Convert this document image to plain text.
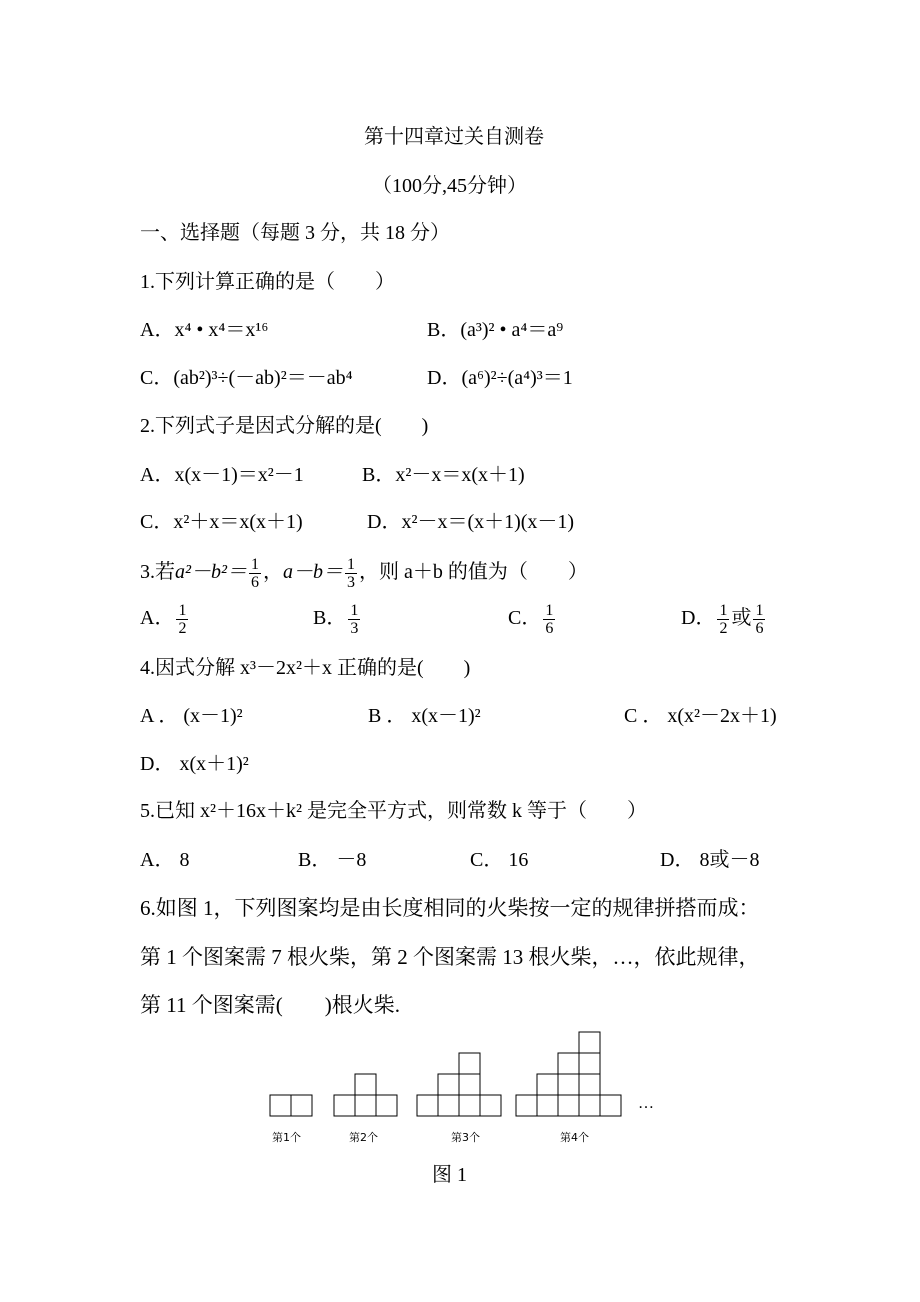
第十四章过关自测卷
（100分,45分钟）
一、选择题（每题 3 分，共 18 分）
1.下列计算正确的是（　　）
A．x⁴ • x⁴＝x¹⁶	B．(a³)² • a⁴＝a⁹
C．(ab²)³÷(－ab)²＝－ab⁴	D．(a⁶)²÷(a⁴)³＝1
2.下列式子是因式分解的是(　　)
A．x(x－1)＝x²－1	B．x²－x＝x(x＋1)
C．x²＋x＝x(x＋1)	D．x²－x＝(x＋1)(x－1)
3.若$a^2-b^2= \frac{1}{6}$ ，$a-b= \frac{1}{3}$ ，则 a＋b 的值为（　　）
A． $\frac{1}{2}$	B． $\frac{1}{3}$	C． $\frac{1}{6}$	D． $\frac{1}{2}$ 或 $\frac{1}{6}$
4.因式分解 x³－2x²＋x 正确的是(　　)
A ． (x－1)²	B ． x(x－1)²	C ． x(x²－2x＋1)
D． x(x＋1)²
5.已知 x²＋16x＋k² 是完全平方式，则常数 k 等于（　　）
A． 8	B． －8	C． 16	D． 8或－8
6.如图 1，下列图案均是由长度相同的火柴按一定的规律拼搭而成：
第 1 个图案需 7 根火柴，第 2 个图案需 13 根火柴，…，依此规律，
第 11 个图案需(　　)根火柴.
…
第1个	第2个	第3个	第4个
图 1
